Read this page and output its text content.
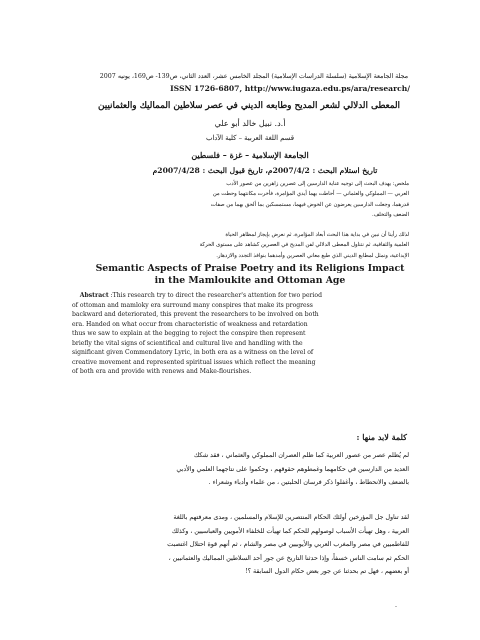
مجلة الجامعة الإسلامية (سلسلة الدراسات الإسلامية) المجلد الخامس عشر، العدد الثاني، ص139- ص169، يونيه 2007
ISSN 1726-6807, http://www.iugaza.edu.ps/ara/research/
المعطى الدلالي لشعر المديح وطابعه الديني في عصر سلاطين المماليك والعثمانيين
أ.د. نبيل خالد أبو علي
قسم اللغة العربية – كلية الآداب
الجامعة الإسلامية – غزة – فلسطين
تاريخ استلام البحث : 2007/4/2م، تاريخ قبول البحث : 2007/4/28م

ملخص: يهدف البحث إلى توجيه عناية الدارسين إلى عصرين زاهرين من عصور الأدب

العربي — المملوكي والعثماني — أحاطت بهما أيدي المؤامرة، فأخرت مكانتهما وحطت من

قدرهما، وجعلت الدارسين يعرضون عن الخوض فيهما، مستمسكين بما ألحق بهما من صفات

الضعف والتخلف.

لذلك رأينا أن نبين في بداية هذا البحث أبعاد المؤامرة، ثم نعرض بإيجاز لمظاهر الحياة

العلمية والثقافية، ثم نتناول المعطى الدلالي لفن المديح في العصرين كشاهد على مستوى الحركة

الإبداعية، ونمثل لمطابع الديني الذي طبع معاني العصرين وأمدهما بنوافذ التجدد والازدهار.

Semantic Aspects of Praise Poetry and its Religions Impact in the Mamloukite and Ottoman Age

Abstract :This research try to direct the researcher's attention for two period

of ottoman and mamloky era surround many conspires that make its progress

backward and deteriorated, this prevent the researchers to be involved on both

era. Handed on what occur from characteristic of weakness and retardation

thus we saw to explain at the begging to reject the conspire then represent

briefly the vital signs of scientifical and cultural live and handling with the

significant given Commendatory Lyric, in both era as a witness on the level of

creative movement and represented spiritual issues which reflect the meaning

of both era and provide with renews and Make-flourishes.

كلمة لابد منها :

لم يُظلم عصر من عصور العربية كما ظلم العصران المملوكي والعثماني ، فقد شكك

العديد من الدارسين في حكامهما وغمطوهم حقوقهم ، وحكموا على نتاجهما العلمي والأدبي

بالضعف والانحطاط ، وأغفلوا ذكر فرسان الحلبتين ، من علماء وأدباء وشعراء .

لقد تناول جل المؤرخين أولئك الحكام المنتصرين للإسلام والمسلمين ، ومدى معرفتهم باللغة

العربية ، وهل تهيأت الأسباب لوصولهم للحكم كما تهيأت للخلفاء الأمويين والعباسيين ، وكذلك

للفاطميين في مصر والمغرب العربي والأيوبيين في مصر والشام ، ثم أنهم قوة احتلال اغتصبت

الحكم ثم سامت الناس خسفاً، وإذا حدثنا التاريخ عن جور أحد السلاطين المماليك والعثمانيين ،

أو بعضهم ، فهل تم بحدثنا عن جور بعض حكام الدول السابقة ؟!
